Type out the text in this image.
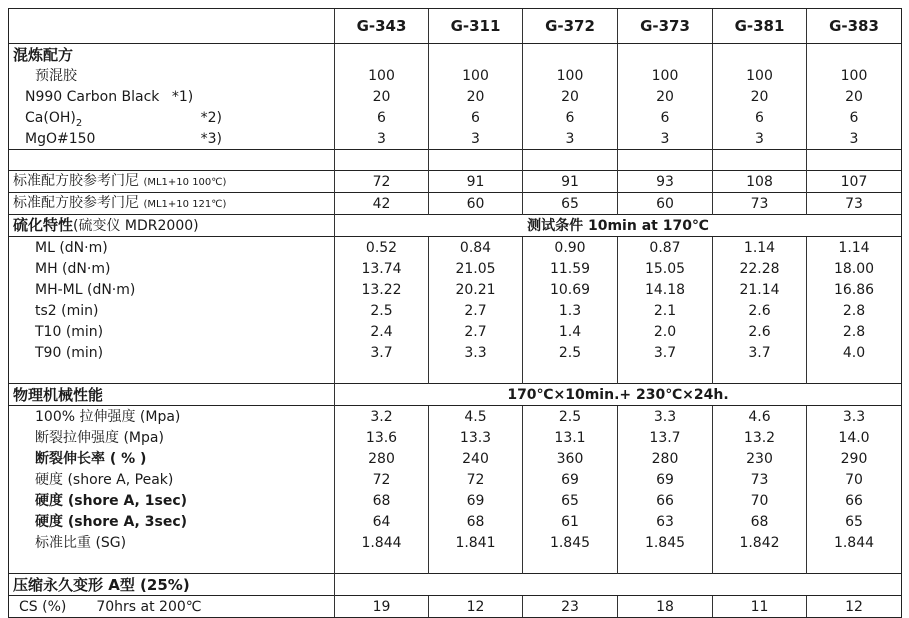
	G-343	G-311	G-372	G-373	G-381	G-383
混炼配方						
预混胶	100	100	100	100	100	100
N990 Carbon Black *1)	20	20	20	20	20	20
$Ca(OH)_2$ *2)	6	6	6	6	6	6
MgO#150 *3)	3	3	3	3	3	3

标准配方胶参考门尼 (ML1+10 100℃)	72	91	91	93	108	107
标准配方胶参考门尼 (ML1+10 121℃)	42	60	65	60	73	73
硫化特性(硫变仪 MDR2000)	测试条件 10min at 170℃					
ML (dN·m)	0.52	0.84	0.90	0.87	1.14	1.14
MH (dN·m)	13.74	21.05	11.59	15.05	22.28	18.00
MH-ML (dN·m)	13.22	20.21	10.69	14.18	21.14	16.86
ts2 (min)	2.5	2.7	1.3	2.1	2.6	2.8
T10 (min)	2.4	2.7	1.4	2.0	2.6	2.8
T90 (min)	3.7	3.3	2.5	3.7	3.7	4.0

物理机械性能	170℃×10min.+ 230℃×24h.					
100% 拉伸强度 (Mpa)	3.2	4.5	2.5	3.3	4.6	3.3
断裂拉伸强度 (Mpa)	13.6	13.3	13.1	13.7	13.2	14.0
断裂伸长率 ( % )	280	240	360	280	230	290
硬度 (shore A, Peak)	72	72	69	69	73	70
硬度 (shore A, 1sec)	68	69	65	66	70	66
硬度 (shore A, 3sec)	64	68	61	63	68	65
标准比重 (SG)	1.844	1.841	1.845	1.845	1.842	1.844

压缩永久变形 A型 (25%)						
CS (%) 70hrs at 200℃	19	12	23	18	11	12
